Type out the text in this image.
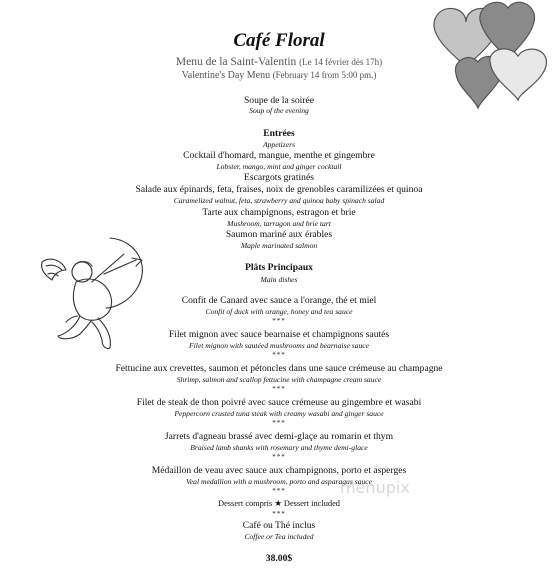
Café Floral
Menu de la Saint-Valentin (Le 14 février dès 17h)
Valentine's Day Menu (February 14 from 5:00 pm.)
Soupe de la soirée
Soup of the evening
Entrées
Appetizers
Cocktail d'homard, mangue, menthe et gingembre
Lobster, mango, mint and ginger cocktail
Escargots gratinés
Salade aux épinards, feta, fraises, noix de grenobles caramilizées et quinoa
Caramelized walnut, feta, strawberry and quinoa baby spinach salad
Tarte aux champignons, estragon et brie
Mushroom, tarragon and brie tart
Saumon mariné aux érables
Maple marinated salmon
Plâts Principaux
Main dishes
Confit de Canard avec sauce a l'orange, thé et miel
Confit of duck with orange, honey and tea sauce
***
Filet mignon avec sauce bearnaise et champignons sautés
Filet mignon with sautéed mushrooms and bearnaise sauce
***
Fettucine aux crevettes, saumon et pétoncles dans une sauce crémeuse au champagne
Shrimp, salmon and scallop fettucine with champagne cream sauce
***
Filet de steak de thon poivré avec sauce crémeuse au gingembre et wasabi
Peppercorn crusted tuna steak with creamy wasabi and ginger sauce
***
Jarrets d'agneau brassé avec demi-glaçe au romarin et thym
Braised lamb shanks with rosemary and thyme demi-glace
***
Médaillon de veau avec sauce aux champignons, porto et asperges
Veal medallion with a mushroom, porto and asparagus sauce
***
Dessert compris ★ Dessert included
***
Café ou Thé inclus
Coffee or Tea included
38.00$
menupix
